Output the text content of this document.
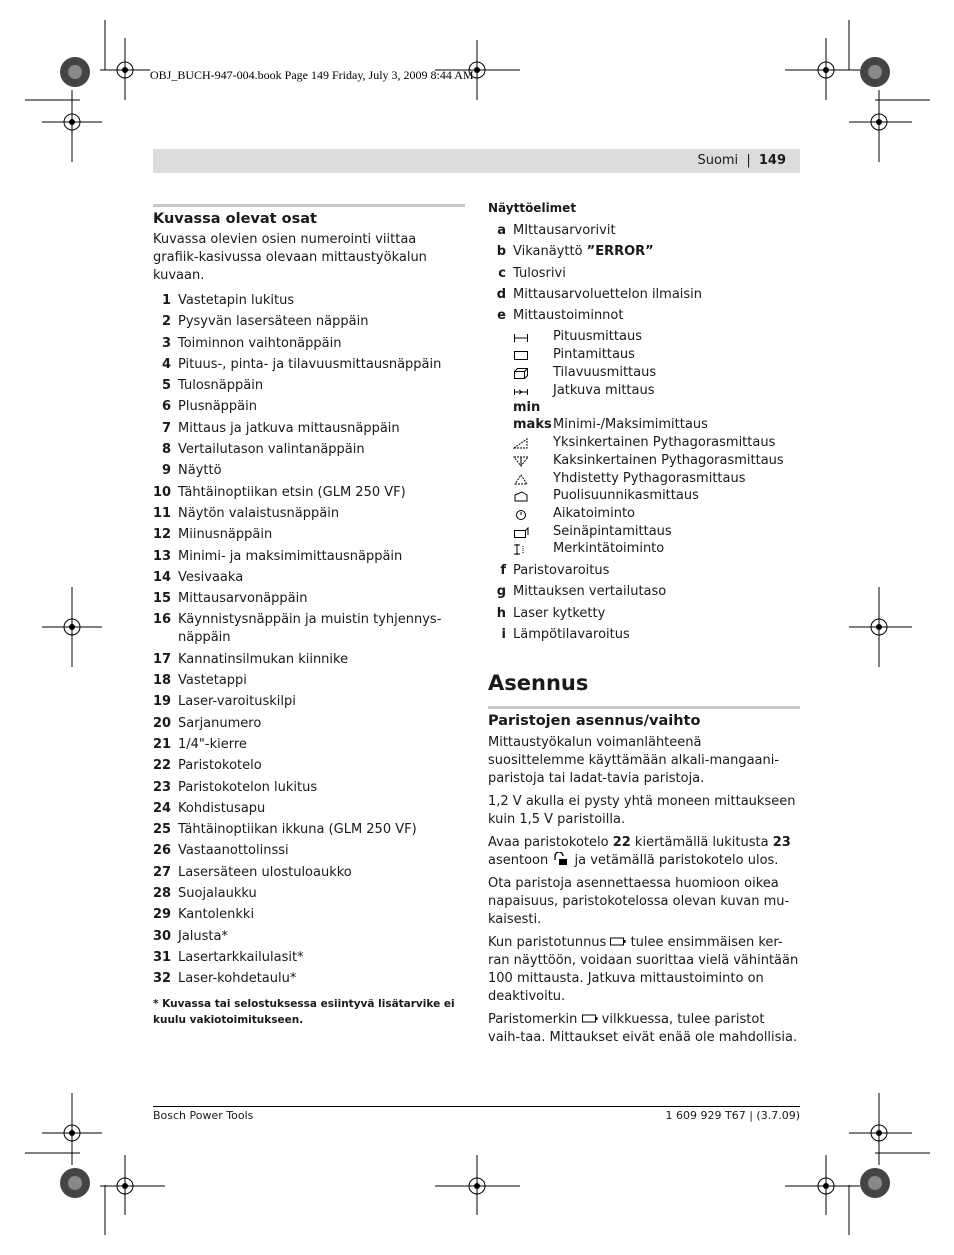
OBJ_BUCH-947-004.book Page 149 Friday, July 3, 2009 8:44 AM
Suomi | 149
Kuvassa olevat osat

Kuvassa olevien osien numerointi viittaa grafiik-kasivussa olevaan mittaustyökalun kuvaan.

1 Vastetapin lukitus
2 Pysyvän lasersäteen näppäin
3 Toiminnon vaihtonäppäin
4 Pituus-, pinta- ja tilavuusmittausnäppäin
5 Tulosnäppäin
6 Plusnäppäin
7 Mittaus ja jatkuva mittausnäppäin
8 Vertailutason valintanäppäin
9 Näyttö
10 Tähtäinoptiikan etsin (GLM 250 VF)
11 Näytön valaistusnäppäin
12 Miinusnäppäin
13 Minimi- ja maksimimittausnäppäin
14 Vesivaaka
15 Mittausarvonäppäin
16 Käynnistysnäppäin ja muistin tyhjennys-näppäin
17 Kannatinsilmukan kiinnike
18 Vastetappi
19 Laser-varoituskilpi
20 Sarjanumero
21 1/4"-kierre
22 Paristokotelo
23 Paristokotelon lukitus
24 Kohdistusapu
25 Tähtäinoptiikan ikkuna (GLM 250 VF)
26 Vastaanottolinssi
27 Lasersäteen ulostuloaukko
28 Suojalaukku
29 Kantolenkki
30 Jalusta*
31 Lasertarkkailulasit*
32 Laser-kohdetaulu*
* Kuvassa tai selostuksessa esiintyvä lisätarvike ei kuulu vakiotoimitukseen.
Näyttöelimet
a MIttausarvorivit
b Vikanäyttö ”ERROR”
c Tulosrivi
d Mittausarvoluettelon ilmaisin
e Mittaustoiminnot
Pituusmittaus
Pintamittaus
Tilavuusmittaus
Jatkuva mittaus
min
maks Minimi-/Maksimimittaus
Yksinkertainen Pythagorasmittaus
Kaksinkertainen Pythagorasmittaus
Yhdistetty Pythagorasmittaus
Puolisuunnikasmittaus
Aikatoiminto
Seinäpintamittaus
Merkintätoiminto
f Paristovaroitus
g Mittauksen vertailutaso
h Laser kytketty
i Lämpötilavaroitus
Asennus
Paristojen asennus/vaihto

Mittaustyökalun voimanlähteenä suosittelemme käyttämään alkali-mangaani-paristoja tai ladat-tavia paristoja.

1,2 V akulla ei pysty yhtä moneen mittaukseen kuin 1,5 V paristoilla.

Avaa paristokotelo 22 kiertämällä lukitusta 23 asentoon  ja vetämällä paristokotelo ulos.

Ota paristoja asennettaessa huomioon oikea napaisuus, paristokotelossa olevan kuvan mu-kaisesti.

Kun paristotunnus  tulee ensimmäisen ker-ran näyttöön, voidaan suorittaa vielä vähintään 100 mittausta. Jatkuva mittaustoiminto on deaktivoitu.

Paristomerkin  vilkkuessa, tulee paristot vaih-taa. Mittaukset eivät enää ole mahdollisia.

Bosch Power Tools	1 609 929 T67 | (3.7.09)
